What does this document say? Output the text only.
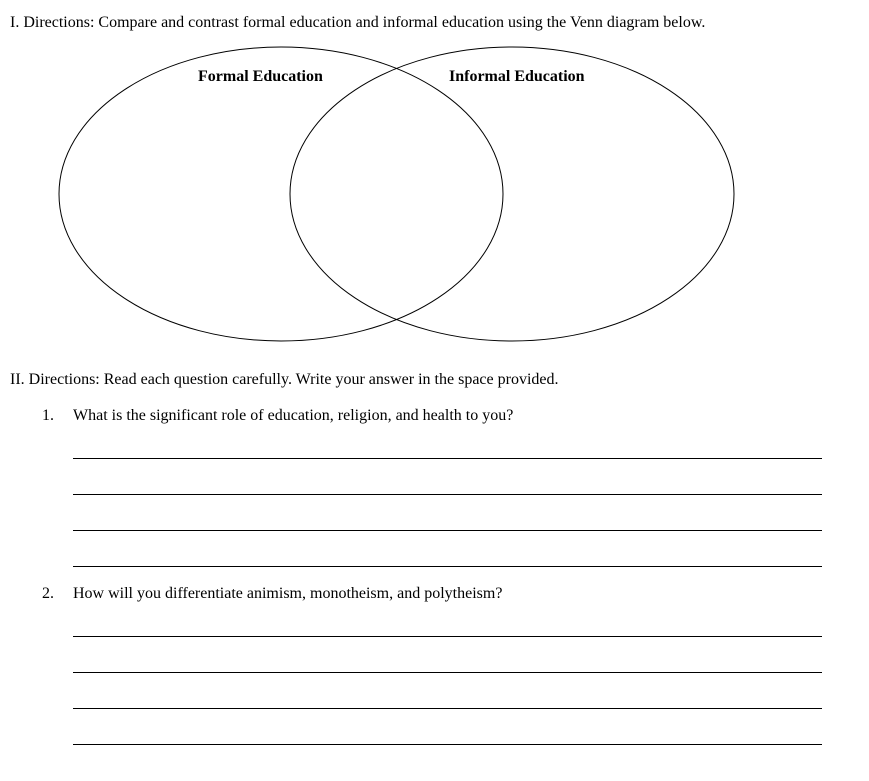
I. Directions: Compare and contrast formal education and informal education using the Venn diagram below.
Formal Education	Informal Education
II. Directions: Read each question carefully. Write your answer in the space provided.
1. What is the significant role of education, religion, and health to you?
2. How will you differentiate animism, monotheism, and polytheism?
